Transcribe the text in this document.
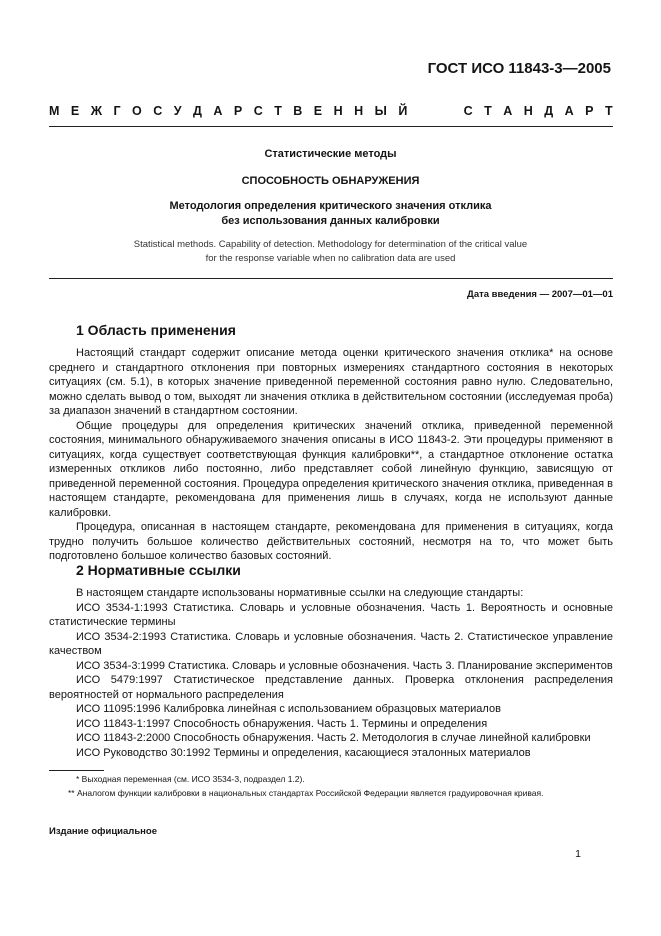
ГОСТ ИСО 11843-3—2005
М Е Ж Г О С У Д А Р С Т В Е Н Н Ы Й

	С Т А Н Д А Р Т
Статистические методы
СПОСОБНОСТЬ ОБНАРУЖЕНИЯ
Методология определения критического значения отклика
без использования данных калибровки
Statistical methods. Capability of detection. Methodology for determination of the critical value
for the response variable when no calibration data are used
Дата введения — 2007—01—01
1 Область применения

Настоящий стандарт содержит описание метода оценки критического значения отклика* на основе среднего и стандартного отклонения при повторных измерениях стандартного состояния в некоторых ситуациях (см. 5.1), в которых значение приведенной переменной состояния равно нулю. Следовательно, можно сделать вывод о том, выходят ли значения отклика в действительном состоянии (исследуемая проба) за диапазон значений в стандартном состоянии.

Общие процедуры для определения критических значений отклика, приведенной переменной состояния, минимального обнаруживаемого значения описаны в ИСО 11843-2. Эти процедуры применяют в ситуациях, когда существует соответствующая функция калибровки**, а стандартное отклонение остатка измеренных откликов либо постоянно, либо представляет собой линейную функцию, зависящую от приведенной переменной состояния. Процедура определения критического значения отклика, приведенная в настоящем стандарте, рекомендована для применения лишь в случаях, когда не используют данные калибровки.

Процедура, описанная в настоящем стандарте, рекомендована для применения в ситуациях, когда трудно получить большое количество действительных состояний, несмотря на то, что может быть подготовлено большое количество базовых состояний.

2 Нормативные ссылки
В настоящем стандарте использованы нормативные ссылки на следующие стандарты:
ИСО 3534-1:1993 Статистика. Словарь и условные обозначения. Часть 1. Вероятность и основные статистические термины
ИСО 3534-2:1993 Статистика. Словарь и условные обозначения. Часть 2. Статистическое управление качеством
ИСО 3534-3:1999 Статистика. Словарь и условные обозначения. Часть 3. Планирование экспериментов
ИСО 5479:1997 Статистическое представление данных. Проверка отклонения распределения вероятностей от нормального распределения
ИСО 11095:1996 Калибровка линейная с использованием образцовых материалов
ИСО 11843-1:1997 Способность обнаружения. Часть 1. Термины и определения
ИСО 11843-2:2000 Способность обнаружения. Часть 2. Методология в случае линейной калибровки
ИСО Руководство 30:1992 Термины и определения, касающиеся эталонных материалов
* Выходная переменная (см. ИСО 3534-3, подраздел 1.2).
** Аналогом функции калибровки в национальных стандартах Российской Федерации является градуировочная кривая.
Издание официальное
1
